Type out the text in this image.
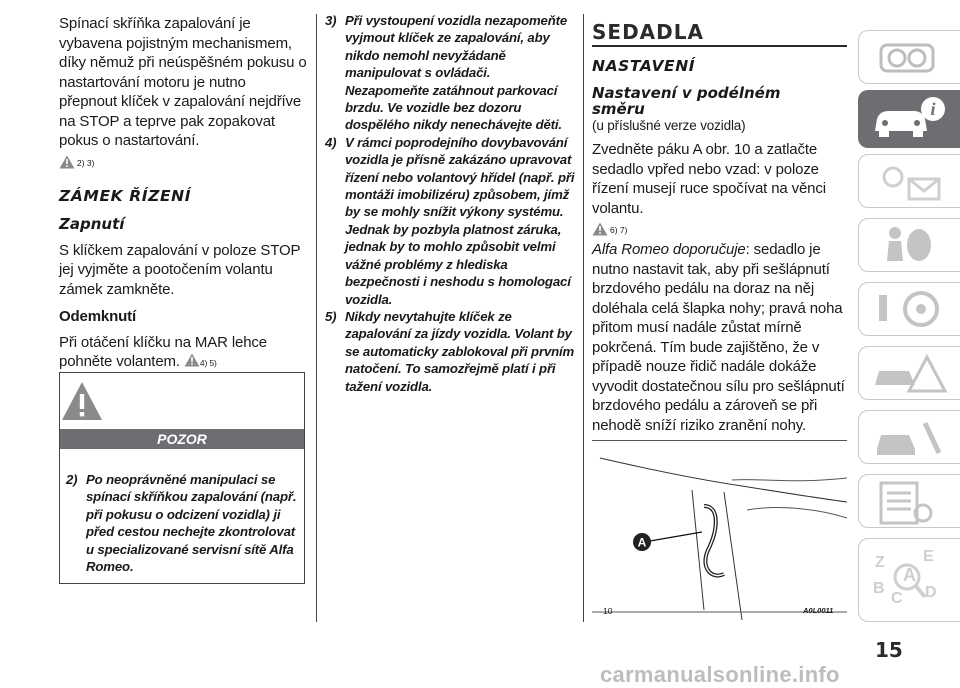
Spínací skříňka zapalování je vybavena pojistným mechanismem, díky němuž při neúspěšném pokusu o nastartování motoru je nutno přepnout klíček v zapalování nejdříve na STOP a teprve pak zopakovat pokus o nastartování.

2) 3)
ZÁMEK ŘÍZENÍ
Zapnutí

S klíčkem zapalování v poloze STOP jej vyjměte a pootočením volantu zámek zamkněte.

Odemknutí

Při otáčení klíčku na MAR lehce pohněte volantem. 4) 5)

POZOR

2) Po neoprávněné manipulaci se spínací skříňkou zapalování (např. při pokusu o odcizení vozidla) ji před cestou nechejte zkontrolovat u specializované servisní sítě Alfa Romeo.

3) Při vystoupení vozidla nezapomeňte vyjmout klíček ze zapalování, aby nikdo nemohl nevyžádaně manipulovat s ovládači. Nezapomeňte zatáhnout parkovací brzdu. Ve vozidle bez dozoru dospělého nikdy nenechávejte děti.

4) V rámci poprodejního dovybavování vozidla je přísně zakázáno upravovat řízení nebo volantový hřídel (např. při montáži imobilizéru) způsobem, jímž by se mohly snížit výkony systému. Jednak by pozbyla platnost záruka, jednak by to mohlo způsobit velmi vážné problémy z hlediska bezpečnosti i neshodu s homologací vozidla.

5) Nikdy nevytahujte klíček ze zapalování za jízdy vozidla. Volant by se automaticky zablokoval při prvním natočení. To samozřejmě platí i při tažení vozidla.

SEDADLA
NASTAVENÍ
Nastavení v podélném směru

(u příslušné verze vozidla)

Zvedněte páku A obr. 10 a zatlačte sedadlo vpřed nebo vzad: v poloze řízení musejí ruce spočívat na věnci volantu.

6) 7)

Alfa Romeo doporučuje: sedadlo je nutno nastavit tak, aby při sešlápnutí brzdového pedálu na doraz na něj doléhala celá šlapka nohy; pravá noha přitom musí nadále zůstat mírně pokrčená. Tím bude zajištěno, že v případě nouze řidič nadále dokáže vyvodit dostatečnou sílu pro sešlápnutí brzdového pedálu a zároveň se při nehodě sníží riziko zranění nohy.

A
10	A0L0011
15
carmanualsonline.info
i
Z E
B
A
C D
